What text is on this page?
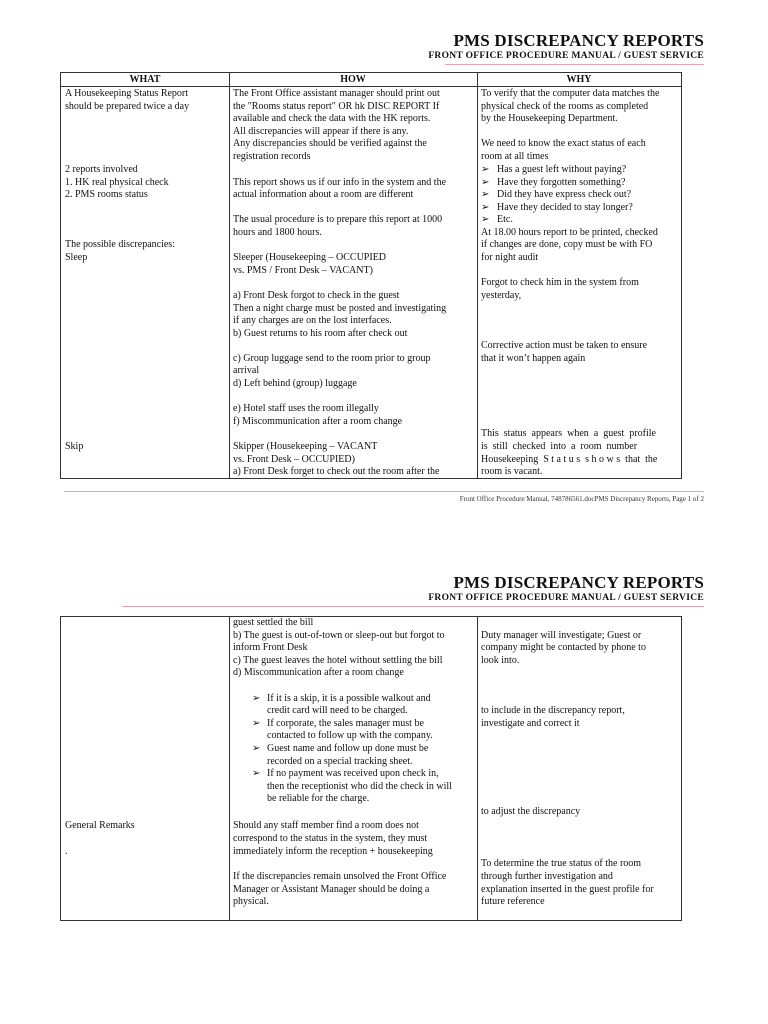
PMS DISCREPANCY REPORTS
FRONT OFFICE PROCEDURE MANUAL / GUEST SERVICE
WHAT	HOW	WHY
A Housekeeping Status Report
should be prepared twice a day
2 reports involved
1. HK real physical check
2. PMS rooms status
The possible discrepancies:
Sleep
Skip
The Front Office assistant manager should print out
the "Rooms status report" OR hk DISC REPORT If
available and check the data with the HK reports.
All discrepancies will appear if there is any.
Any discrepancies should be verified against the
registration records
This report shows us if our info in the system and the
actual information about a room are different
The usual procedure is to prepare this report at 1000
hours and 1800 hours.
Sleeper (Housekeeping – OCCUPIED
vs. PMS / Front Desk – VACANT)
a) Front Desk forgot to check in the guest
Then a night charge must be posted and investigating
if any charges are on the lost interfaces.
b) Guest returns to his room after check out
c) Group luggage send to the room prior to group
arrival
d) Left behind (group) luggage
e) Hotel staff uses the room illegally
f) Miscommunication after a room change
Skipper (Housekeeping – VACANT
vs. Front Desk – OCCUPIED)
a) Front Desk forget to check out the room after the
To verify that the computer data matches the
physical check of the rooms as completed
by the Housekeeping Department.
We need to know the exact status of each
room at all times
➢ Has a guest left without paying?
➢ Have they forgotten something?
➢ Did they have express check out?
➢ Have they decided to stay longer?
➢ Etc.
At 18.00 hours report to be printed, checked
if changes are done, copy must be with FO
for night audit
Forgot to check him in the system from
yesterday,
Corrective action must be taken to ensure
that it won’t happen again
This  status  appears  when  a  guest  profile
is  still  checked  into  a  room  number
Housekeeping  S t a t u s  s h o w s  that  the
room is vacant.
Front Office Procedure Manual, 748786561.docPMS Discrepancy Reports, Page 1 of 2
PMS DISCREPANCY REPORTS
FRONT OFFICE PROCEDURE MANUAL / GUEST SERVICE
General Remarks
.
guest settled the bill
b) The guest is out-of-town or sleep-out but forgot to
inform Front Desk
c) The guest leaves the hotel without settling the bill
d) Miscommunication after a room change
➢ If it is a skip, it is a possible walkout and
credit card will need to be charged.
➢ If corporate, the sales manager must be
contacted to follow up with the company.
➢ Guest name and follow up done must be
recorded on a special tracking sheet.
➢ If no payment was received upon check in,
then the receptionist who did the check in will
be reliable for the charge.
Should any staff member find a room does not
correspond to the status in the system, they must
immediately inform the reception + housekeeping
If the discrepancies remain unsolved the Front Office
Manager or Assistant Manager should be doing a
physical.
Duty manager will investigate; Guest or
company might be contacted by phone to
look into.
to include in the discrepancy report,
investigate and correct it
to adjust the discrepancy
To determine the true status of the room
through further investigation and
explanation inserted in the guest profile for
future reference
